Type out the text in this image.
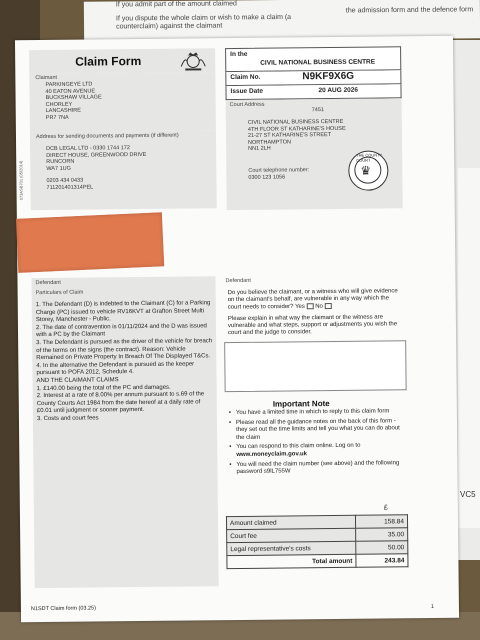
If you admit part of the amount claimed
If you dispute the whole claim or wish to make a claim (a counterclaim) against the claimant
the admission form and the defence form
VC5
073ASB701 (05/2014)
Claim Form
Claimant
PARKINGEYE LTD
40 EATON AVENUE
BUCKSHAW VILLAGE
CHORLEY
LANCASHIRE
PR7 7NA
Address for sending documents and payments (if different)
DCB LEGAL LTD - 0330 1744 172
DIRECT HOUSE, GREENWOOD DRIVE
RUNCORN
WA7 1UG
0203 434 0433
711201401314PEL
In the
CIVIL NATIONAL BUSINESS CENTRE
Claim No.	N9KF9X6G
Issue Date	20 AUG 2026
Court Address
7451
CIVIL NATIONAL BUSINESS CENTRE
4TH FLOOR ST KATHARINE'S HOUSE
21-27 ST KATHARINE'S STREET
NORTHAMPTON
NN1 2LH
Court telephone number:
0300 123 1056	♛
THE COUNTY COURT
Defendant
Particulars of Claim

1. The Defendant (D) is indebted to the Claimant (C) for a Parking Charge (PC) issued to vehicle RV16KVT at Grafton Street Multi Storey, Manchester - Public.

2. The date of contravention is 01/11/2024 and the D was issued with a PC by the Claimant

3. The Defendant is pursued as the driver of the vehicle for breach of the terms on the signs (the contract). Reason: Vehicle Remained on Private Property In Breach Of The Displayed T&Cs.

4. In the alternative the Defendant is pursued as the keeper pursuant to POFA 2012, Schedule 4.

AND THE CLAIMANT CLAIMS

1. £140.00 being the total of the PC and damages.

2. Interest at a rate of 8.00% per annum pursuant to s.69 of the County Courts Act 1984 from the date hereof at a daily rate of £0.01 until judgment or sooner payment.

3. Costs and court fees

Defendant
Do you believe the claimant, or a witness who will give evidence on the claimant's behalf, are vulnerable in any way which the court needs to consider? Yes No
Please explain in what way the claimant or the witness are vulnerable and what steps, support or adjustments you wish the court and the judge to consider.
Important Note
• You have a limited time in which to reply to this claim form
• Please read all the guidance notes on the back of this form - they set out the time limits and tell you what you can do about the claim
• You can respond to this claim online. Log on to www.moneyclaim.gov.uk
• You will need the claim number (see above) and the following password s9lL755W
£
Amount claimed	158.84
Court fee	35.00
Legal representative's costs	50.00
Total amount	243.84
N1SDT Claim form (03.25)	1
